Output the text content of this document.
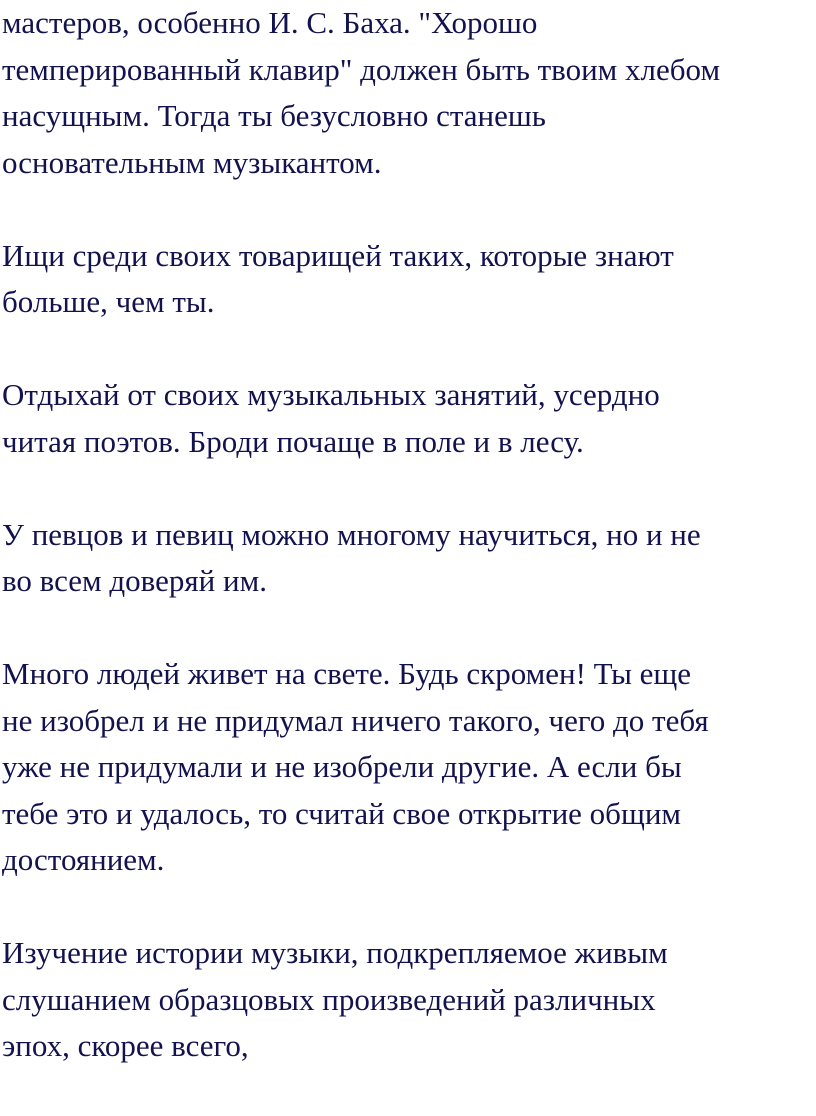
мастеров, особенно И. С. Баха. "Хорошо
темперированный клавир" должен быть твоим хлебом
насущным. Тогда ты безусловно станешь
основательным музыкантом.
Ищи среди своих товарищей таких, которые знают
больше, чем ты.
Отдыхай от своих музыкальных занятий, усердно
читая поэтов. Броди почаще в поле и в лесу.
У певцов и певиц можно многому научиться, но и не
во всем доверяй им.
Много людей живет на свете. Будь скромен! Ты еще
не изобрел и не придумал ничего такого, чего до тебя
уже не придумали и не изобрели другие. А если бы
тебе это и удалось, то считай свое открытие общим
достоянием.
Изучение истории музыки, подкрепляемое живым
слушанием образцовых произведений различных
эпох, скорее всего,
